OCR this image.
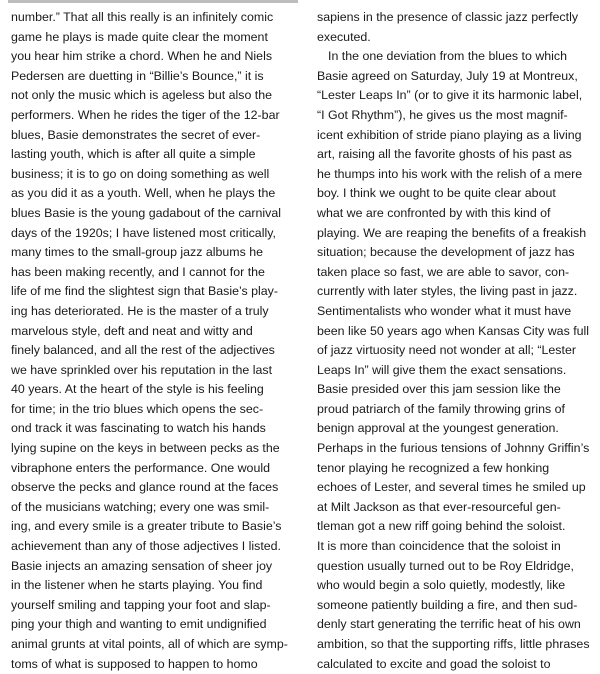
number.” That all this really is an infinitely comic
game he plays is made quite clear the moment
you hear him strike a chord. When he and Niels
Pedersen are duetting in “Billie’s Bounce,” it is
not only the music which is ageless but also the
performers. When he rides the tiger of the 12-bar
blues, Basie demonstrates the secret of ever-
lasting youth, which is after all quite a simple
business; it is to go on doing something as well
as you did it as a youth. Well, when he plays the
blues Basie is the young gadabout of the carnival
days of the 1920s; I have listened most critically,
many times to the small-group jazz albums he
has been making recently, and I cannot for the
life of me find the slightest sign that Basie’s play-
ing has deteriorated. He is the master of a truly
marvelous style, deft and neat and witty and
finely balanced, and all the rest of the adjectives
we have sprinkled over his reputation in the last
40 years. At the heart of the style is his feeling
for time; in the trio blues which opens the sec-
ond track it was fascinating to watch his hands
lying supine on the keys in between pecks as the
vibraphone enters the performance. One would
observe the pecks and glance round at the faces
of the musicians watching; every one was smil-
ing, and every smile is a greater tribute to Basie’s
achievement than any of those adjectives I listed.
Basie injects an amazing sensation of sheer joy
in the listener when he starts playing. You find
yourself smiling and tapping your foot and slap-
ping your thigh and wanting to emit undignified
animal grunts at vital points, all of which are symp-
toms of what is supposed to happen to homo
sapiens in the presence of classic jazz perfectly
executed.
In the one deviation from the blues to which
Basie agreed on Saturday, July 19 at Montreux,
“Lester Leaps In” (or to give it its harmonic label,
“I Got Rhythm”), he gives us the most magnif-
icent exhibition of stride piano playing as a living
art, raising all the favorite ghosts of his past as
he thumps into his work with the relish of a mere
boy. I think we ought to be quite clear about
what we are confronted by with this kind of
playing. We are reaping the benefits of a freakish
situation; because the development of jazz has
taken place so fast, we are able to savor, con-
currently with later styles, the living past in jazz.
Sentimentalists who wonder what it must have
been like 50 years ago when Kansas City was full
of jazz virtuosity need not wonder at all; “Lester
Leaps In” will give them the exact sensations.
Basie presided over this jam session like the
proud patriarch of the family throwing grins of
benign approval at the youngest generation.
Perhaps in the furious tensions of Johnny Griffin’s
tenor playing he recognized a few honking
echoes of Lester, and several times he smiled up
at Milt Jackson as that ever-resourceful gen-
tleman got a new riff going behind the soloist.
It is more than coincidence that the soloist in
question usually turned out to be Roy Eldridge,
who would begin a solo quietly, modestly, like
someone patiently building a fire, and then sud-
denly start generating the terrific heat of his own
ambition, so that the supporting riffs, little phrases
calculated to excite and goad the soloist to
